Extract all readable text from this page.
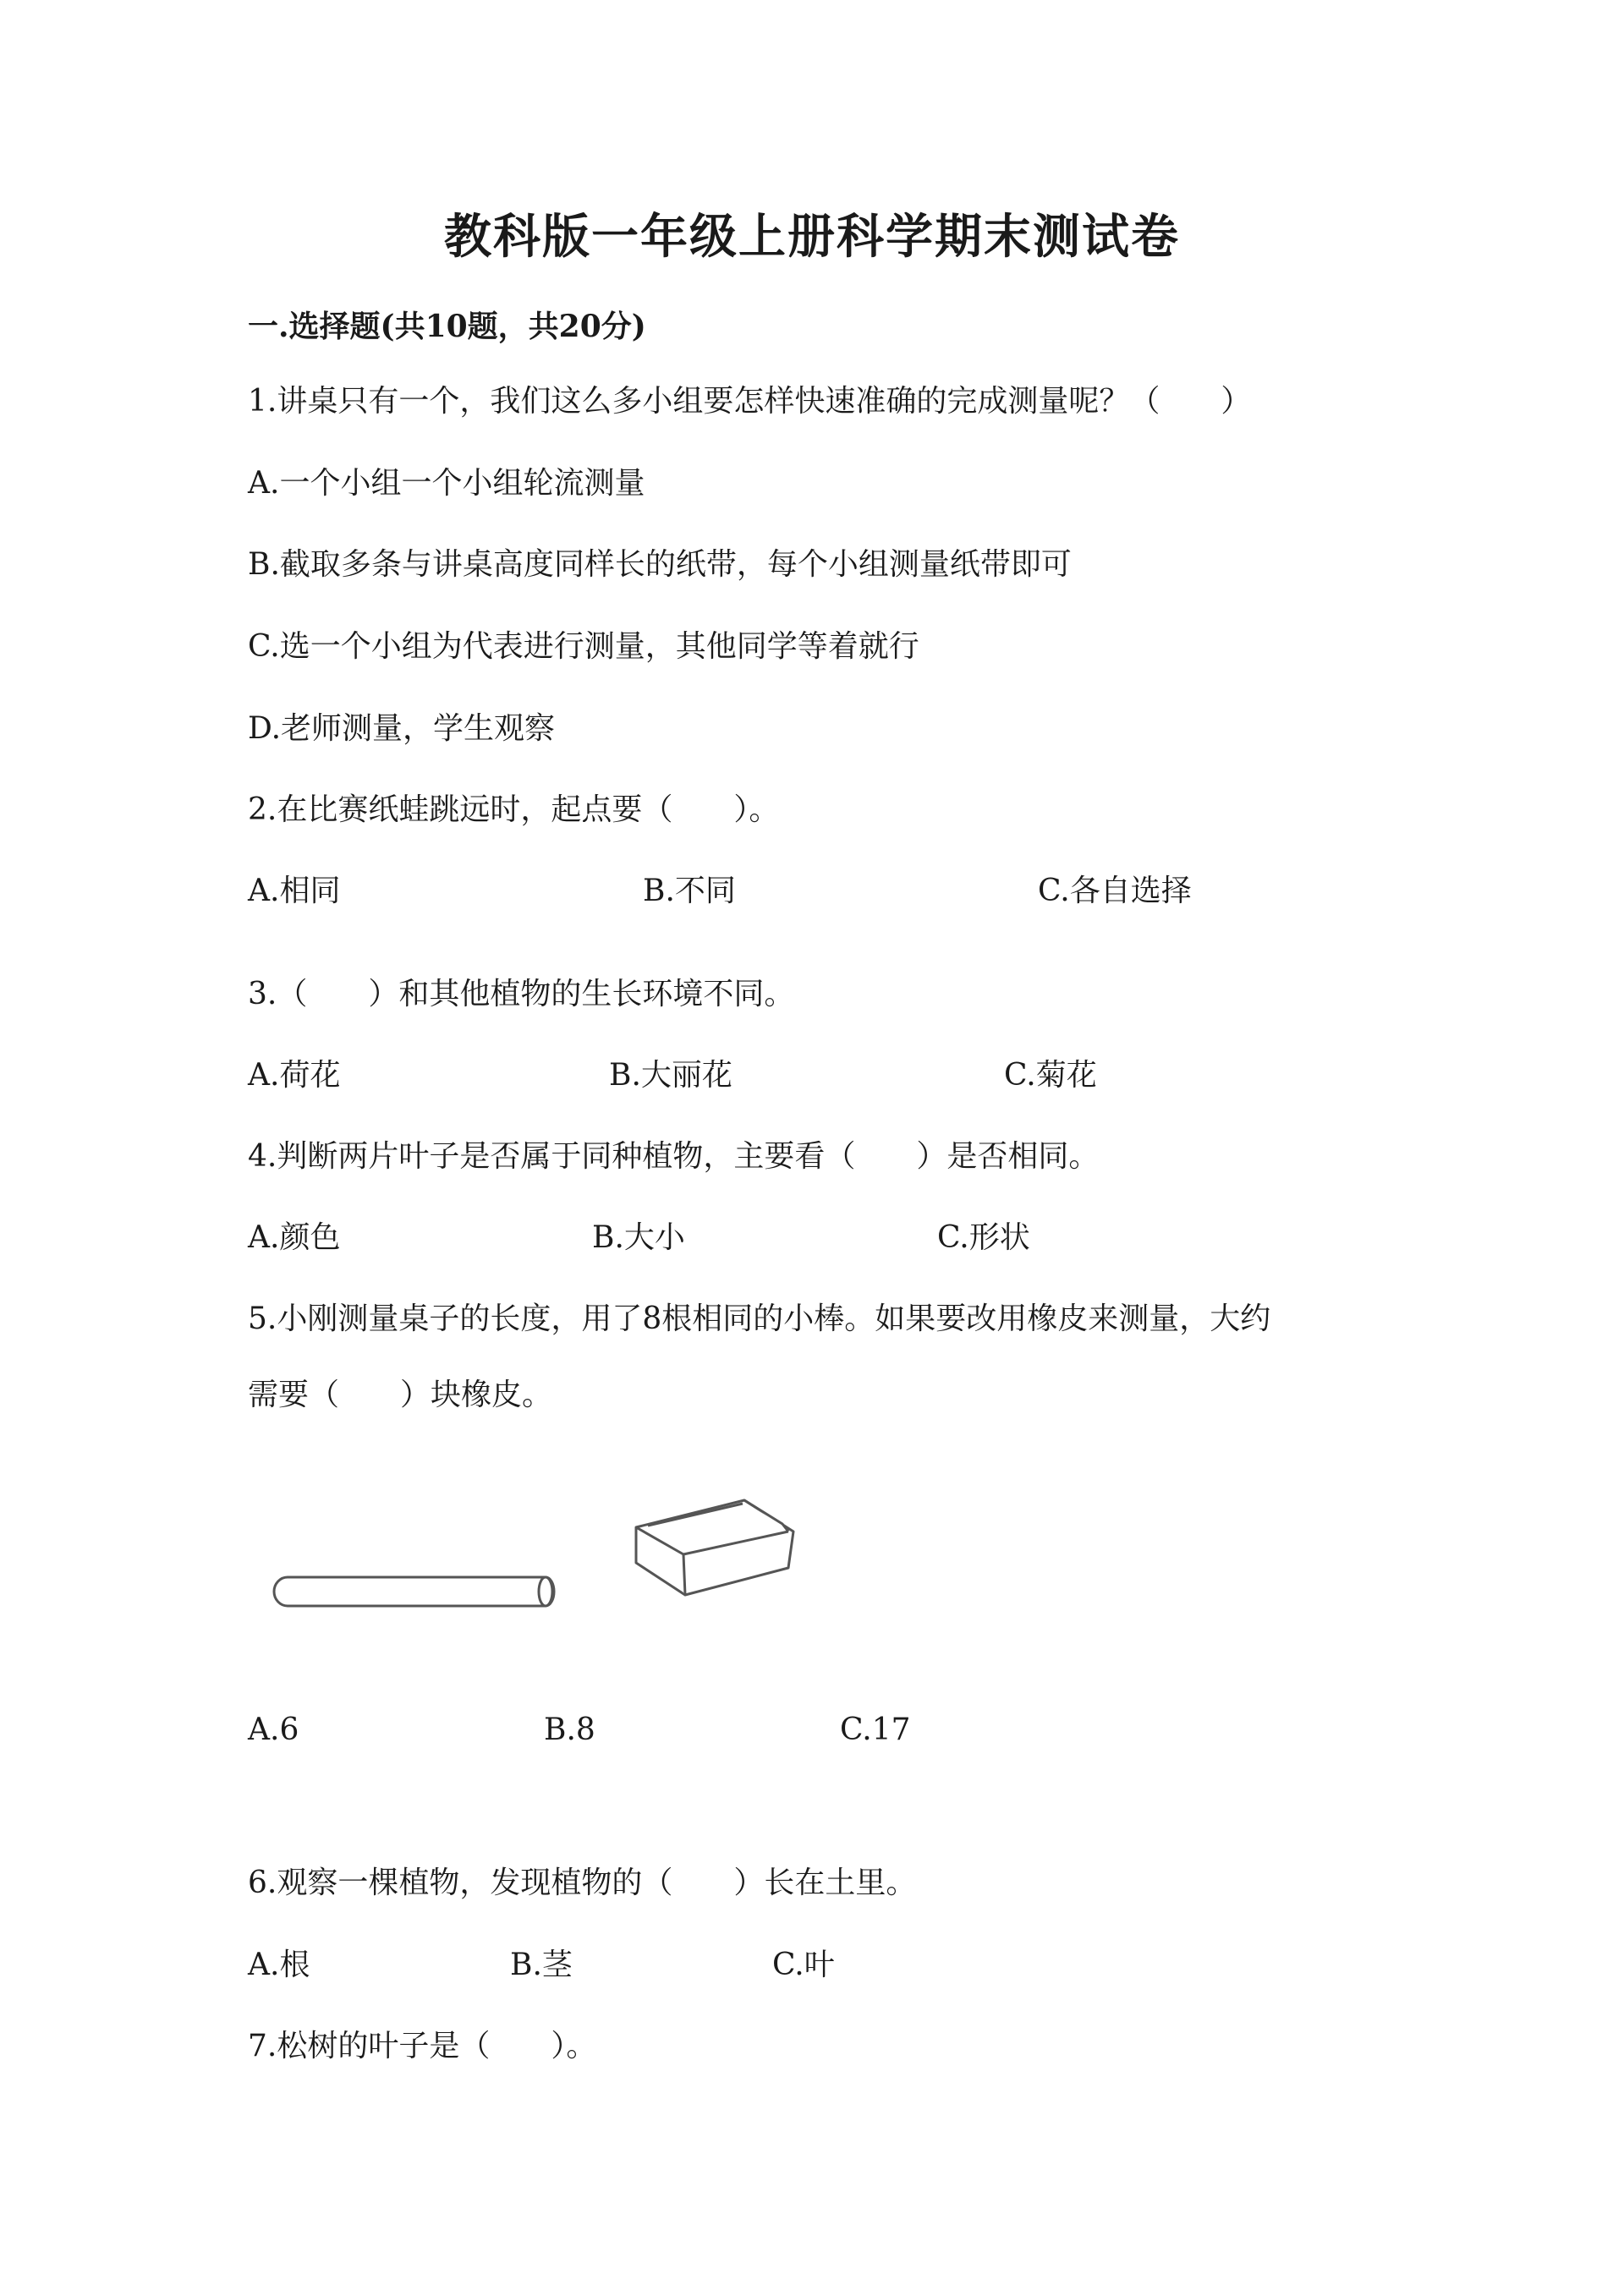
教科版一年级上册科学期末测试卷
一.选择题(共10题，共20分)
1.讲桌只有一个，我们这么多小组要怎样快速准确的完成测量呢？（　　）
A.一个小组一个小组轮流测量
B.截取多条与讲桌高度同样长的纸带，每个小组测量纸带即可
C.选一个小组为代表进行测量，其他同学等着就行
D.老师测量，学生观察
2.在比赛纸蛙跳远时，起点要（　　）。
A.相同	B.不同	C.各自选择
3.（　　）和其他植物的生长环境不同。
A.荷花	B.大丽花	C.菊花
4.判断两片叶子是否属于同种植物，主要看（　　）是否相同。
A.颜色	B.大小	C.形状
5.小刚测量桌子的长度，用了8根相同的小棒。如果要改用橡皮来测量，大约
需要（　　）块橡皮。
A.6	B.8	C.17
6.观察一棵植物，发现植物的（　　）长在土里。
A.根	B.茎	C.叶
7.松树的叶子是（　　）。
